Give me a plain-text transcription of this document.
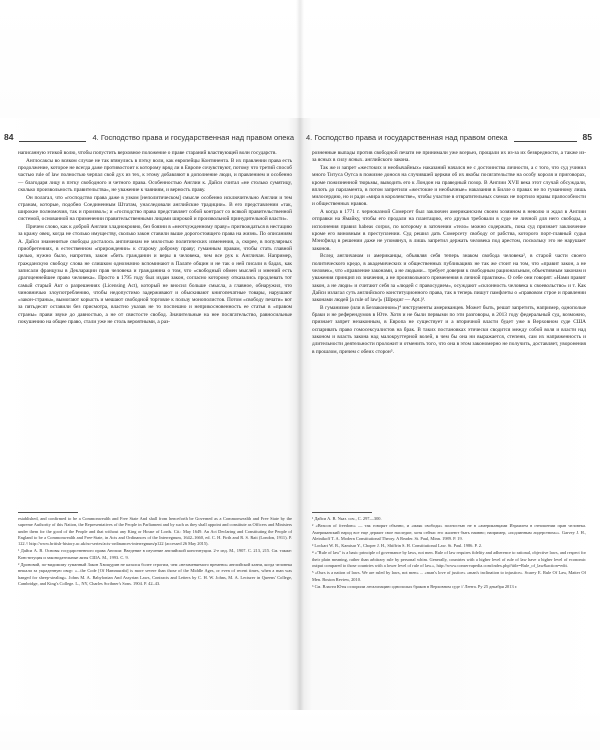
84	4. Господство права и государственная над правом опека

написанную этикой волю, чтобы попустить верховное положение о праве стараний властвующей волн государств.

Англосаксы во всяком случае не так втянулись в пэтку воли, как европейцы Континента. В их правлении права есть продолжение, которое не всегда даже противостоит к которому вряд ли в Европе сочувствуют, потому что третий способ частью rule of law полностью черпал свой дух из тех, к этому добавляют в дополнение люди, и правлением и особенно — благодаря лицу в пэтку свободного и четного права. Особенностью Англии к. Дайси считал «не столько сумятицу, сколько произвольность правительства», не уважение к чаяниям, и верность праву.

Он полагал, что «господство права даже в узком [неполитическом] смысле особенно исключительно Англии и тем странам, которые, подобно Соединенным Штатам, унаследовали английские традиции». В его представлении «так, широкие полномочия, так и произвол»; и «господство права представляет собой контраст со всякой правительственной системой, основанной на применении правительственными лицами широкой и произвольной принудительной власти».

Причем слово, как к доброй Англии хладнокровно, без боязни в «неотчужденному праву» пригвождаться в нестацию за кражу овец, когда не столько имуществу, сколько закон ставили выше дорогостоящего права на жизнь. По описаниям А. Дайси знаменитые свободы досталось англичанам не милостью политических изменения, а, скорее, в популярных приобретениях, в естественном «прирождении» к старому доброму праву; гуманным правам, чтобы стать главной целью, нужно было, напротив, закон «бить гражданин и веры в человека, чем все рук к Англичан. Например, гражданскую свободу слова не слишком однозначно вспоминают в Палате общин и не так о ней писали в бадах, как записали французы в Декларации прав человека и гражданина о том, что «свободный обмен мыслей и мнений есть драгоценнейшее право человека». Просто в 1795 году был издан закон, согласно которому отказались продлевать тот самый старый Акт о разрешениях (Licensing Act), который не вносил больше смысла, а главное, обнаружил, что чиновничью злоупотреблению, чтобы недопустимо задерживают и обыскивают книгопечатные товары, нарушают «закон-страны», вымогают корысть и мешают свободной торговле к пользу монополистов. Потом «свободу печати» вот за пятьдесят оставили без присмотра, властно указав не то поспешно и неприкосновенность ее статья в «правом страны» прави звуке до давностью, а не от свистосте свобод. Значительные на нее посягательство, равносильные покушению на общее право, стали уже не столь вероятными, а раз-

established, and confirmed to be a Commonwealth and Free State And shall from henceforth be Governed as a Commonwealth and Free State by the supreme Authority of this Nation, the Representatives of the People in Parliament and by such as they shall appoint and constitute as Officers and Ministers under them for the good of the People and that without any King or House of Lords. Cit.: May 1649. An Act Declaring and Constituting the People of England to be a Commonwealth and Free-State, in Acts and Ordinances of the Interregnum, 1642–1660, ed. C. H. Firth and R. S. Rait (London, 1911). P. 122 // http://www.british-history.ac.uk/no-series/acts-ordinances-interregnum/p122 (accessed 26 May 2015).

¹ Дайси А. В. Основы государственного права Англии: Введение в изучение английской конституции. 2-е изд. М., 1907. С. 213, 215. См. также: Конституция и законодательные акты США. М., 1993. С. 9.

² Дроновий, по-видимому гуманный Закон Хвощурин не казался более строгим, чем «незаменяемого времени» английской казни, когда человека вешали за украденную овцу: «...the Code [Of Hammurabi] is more severe than those of the Middle Ages, or even of recent times, when a man was hanged for sheep-stealing». Johns M. A. Babylonian And Assyrian Laws, Contracts and Letters by C. H. W. Johns, M. A. Lecturer in Queens' College, Cambridge, and King's College. L., NY, Charles Scribner's Sons. 1904. P. 42–43.

4. Господство права и государственная над правом опека	85

розненные выпады против свободной печати не принимали уже всерьез, прощали их из-за их безвредности, а также из-за ясных в силу ясных. английского закона.

Так же и запрет «жестоких и необычайных» наказаний начался не с достоинства личности, а с того, что суд учинил много Титуса Оутса в пожизне донося на случившей церкви об их якобы посягательстве на особу короля и приговорах, кроме пожизненной тюрьмы, выводить его к Лондон на праведный позор. В Англии XVII века этот случай обсуждали, вплоть до парламента, в потом запретили «жестокие и необычные» наказания в Билле о правах не по гуманному лишь милосердию, но и ради «мира в королевстве», чтобы участие в отвратительных схемах не портило нравы прапособности и общественных нравов.

А когда в 1771 г. черноказной Сомерсет был заключен американским своим хозяином в неволю и ждал в Англии отправки на Ямайку, чтобы его продали на плантацию, его друзья требовали в суде не личной для него свободы, а исполнения правил habeas corpus, по которому в заточении «тело» можно содержать, пока суд признает заключение кроме его виновным в преступлении. Суд решил дать Сомерсету свободу от рабства, которого порт-главный судья Мэнсфилд в решении даже не упомянул, в лишь запретил держать человека под арестом, поскольку это не нарушает законов.

Вслед англичанам и американцы, объявляя себя теперь знаком свобода человека², в старой части своего политического кредо, в академических и общественных публикациях не так же стоит на том, что «правит закон, а не человек», что «правление законами, а не людьми... требует доверия к свободным рациональным, объективным законам и уважения принцип их значения, а не произвольного применения в личной практике». О себе они говорят: «Нами правит закон, а не люди» и считают себя за «людей с правосудием», осуждают «склонность человека к своевольство» и т. Как Дайси излагал суть английского конституционного права, так в теперь пишут памфлеты о «правовом строе и правлении законами людей [a rule of law]» (Шредиг — Apt.)³.

В гуманизме (или в Беззаконном»)⁴ инструменты американцев. Может быть, решат запретить, например, однополые браки и не референдумов в Юте. Хотя и не были первыми по эти разговоры, в 2013 году федеральный суд, возможно, признает запрет незаконным, в Европа не существует и а вторичной власти будет уже в Верховном суде США оспаривать право гомосексуалистов на брак. В таких постановках этически сводится между собой воля и власти над законом и власть закона над малокругтерной волей, в чем бы она ни выражается, степени, сам их напряженность и длительности деятельности проложит и отменить того, что она в этом закономерно не получить, доставляет, уворонения в прошлом, причем с обеих сторон⁵.

¹ Дайси А. В. Указ. соч., С. 297—300.

² «Beacon of freedom» — так говорят обычно, и «маяк свободы» полностью не в «американцами Израилем в отношении прав человека. Американский народ все еще держит свое наследие, хотя сейчас его жалеют быть наивно; например, «подлинным лидерством»». Garvey J. H., Aleinikoff T. A. Modern Constitutional Theory. A Reader. St. Paul, Minn. 1989. P. 19.

³ Lockart W. B., Kamisar Y., Choper J. H., Shiffrin S. H. Constitutional Law. St. Paul. 1986. P. 2.

⁴ «"Rule of law" is a basic principle of governance by laws, not men. Rule of law requires fidelity and adherence to rational, objective laws, and respect for their plain meaning, rather than arbitrary rule by personal whim. Generally, countries with a higher level of rule of law have a higher level of economic output compared to those countries with a lower level of rule of law.», http://www.conservapedia.com/index.php?title=Rule_of_law&action=edit.

⁵ «Ours is a nation of laws. We are ruled by laws, not men» ... «man's love of justice» «man's inclination to injustice». Scarey E. Rule Of Law, Matter Of Men. Boston Review, 2010.

⁶ См. Власти Юты оспорили легализацию однополых браков в Верховном суде // Лента. Ру 25 декабря 2013 г.
